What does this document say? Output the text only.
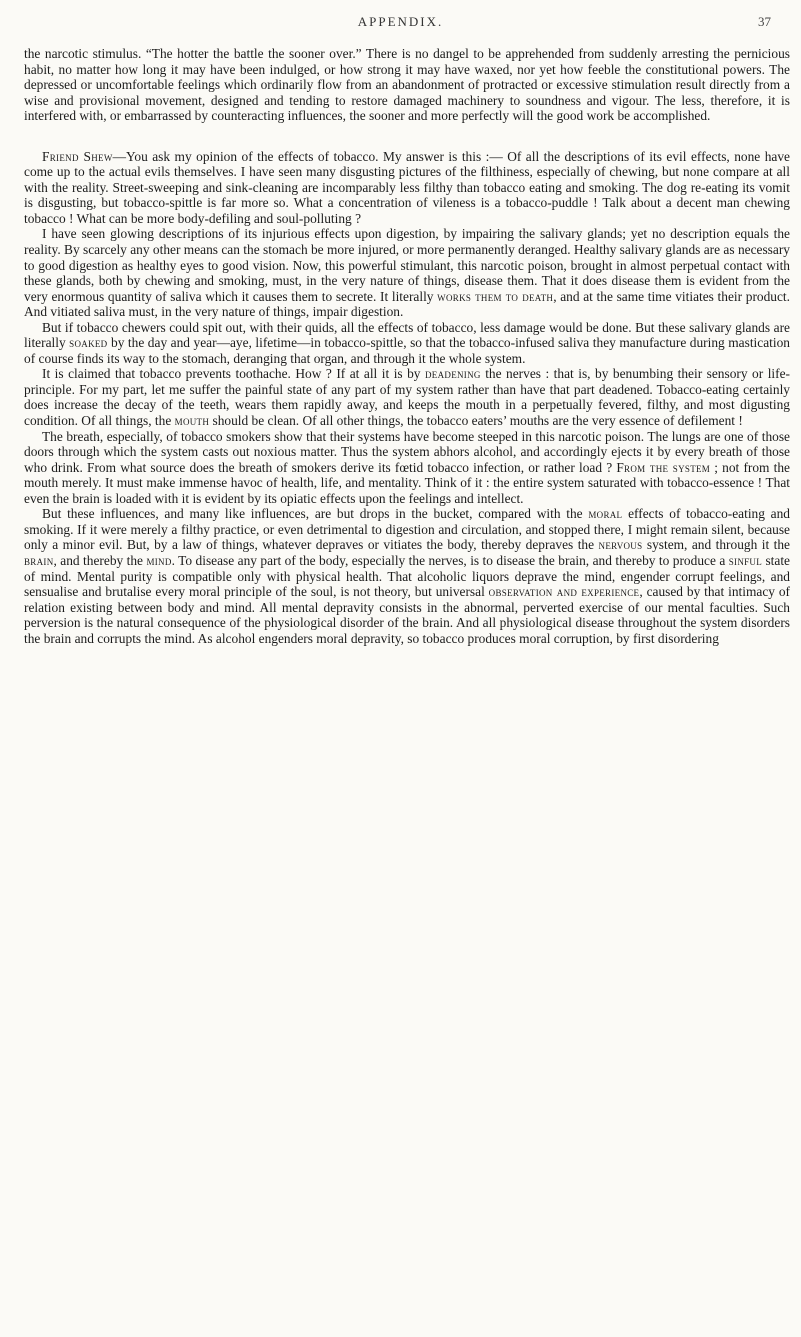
APPENDIX.	37

the narcotic stimulus. “The hotter the battle the sooner over.” There is no dangel to be apprehended from suddenly arresting the pernicious habit, no matter how long it may have been indulged, or how strong it may have waxed, nor yet how feeble the constitutional powers. The depressed or uncomfortable feelings which ordinarily flow from an abandonment of protracted or excessive stimulation result directly from a wise and provisional movement, designed and tending to restore damaged machinery to soundness and vigour. The less, therefore, it is interfered with, or embarrassed by counteracting influences, the sooner and more perfectly will the good work be accomplished.

Friend Shew—You ask my opinion of the effects of tobacco. My answer is this :— Of all the descriptions of its evil effects, none have come up to the actual evils themselves. I have seen many disgusting pictures of the filthiness, especially of chewing, but none compare at all with the reality. Street-sweeping and sink-cleaning are incomparably less filthy than tobacco eating and smoking. The dog re-eating its vomit is disgusting, but tobacco-spittle is far more so. What a concentration of vileness is a tobacco-puddle ! Talk about a decent man chewing tobacco ! What can be more body-defiling and soul-polluting ?

I have seen glowing descriptions of its injurious effects upon digestion, by impairing the salivary glands; yet no description equals the reality. By scarcely any other means can the stomach be more injured, or more permanently deranged. Healthy salivary glands are as necessary to good digestion as healthy eyes to good vision. Now, this powerful stimulant, this narcotic poison, brought in almost perpetual contact with these glands, both by chewing and smoking, must, in the very nature of things, disease them. That it does disease them is evident from the very enormous quantity of saliva which it causes them to secrete. It literally works them to death, and at the same time vitiates their product. And vitiated saliva must, in the very nature of things, impair digestion.

But if tobacco chewers could spit out, with their quids, all the effects of tobacco, less damage would be done. But these salivary glands are literally soaked by the day and year—aye, lifetime—in tobacco-spittle, so that the tobacco-infused saliva they manufacture during mastication of course finds its way to the stomach, deranging that organ, and through it the whole system.

It is claimed that tobacco prevents toothache. How ? If at all it is by deadening the nerves : that is, by benumbing their sensory or life-principle. For my part, let me suffer the painful state of any part of my system rather than have that part deadened. Tobacco-eating certainly does increase the decay of the teeth, wears them rapidly away, and keeps the mouth in a perpetually fevered, filthy, and most digusting condition. Of all things, the mouth should be clean. Of all other things, the tobacco eaters’ mouths are the very essence of defilement !

The breath, especially, of tobacco smokers show that their systems have become steeped in this narcotic poison. The lungs are one of those doors through which the system casts out noxious matter. Thus the system abhors alcohol, and accordingly ejects it by every breath of those who drink. From what source does the breath of smokers derive its fœtid tobacco infection, or rather load ? From the system ; not from the mouth merely. It must make immense havoc of health, life, and mentality. Think of it : the entire system saturated with tobacco-essence ! That even the brain is loaded with it is evident by its opiatic effects upon the feelings and intellect.

But these influences, and many like influences, are but drops in the bucket, compared with the moral effects of tobacco-eating and smoking. If it were merely a filthy practice, or even detrimental to digestion and circulation, and stopped there, I might remain silent, because only a minor evil. But, by a law of things, whatever depraves or vitiates the body, thereby depraves the nervous system, and through it the brain, and thereby the mind. To disease any part of the body, especially the nerves, is to disease the brain, and thereby to produce a sinful state of mind. Mental purity is compatible only with physical health. That alcoholic liquors deprave the mind, engender corrupt feelings, and sensualise and brutalise every moral principle of the soul, is not theory, but universal observation and experience, caused by that intimacy of relation existing between body and mind. All mental depravity consists in the abnormal, perverted exercise of our mental faculties. Such perversion is the natural consequence of the physiological disorder of the brain. And all physiological disease throughout the system disorders the brain and corrupts the mind. As alcohol engenders moral depravity, so tobacco produces moral corruption, by first disordering
